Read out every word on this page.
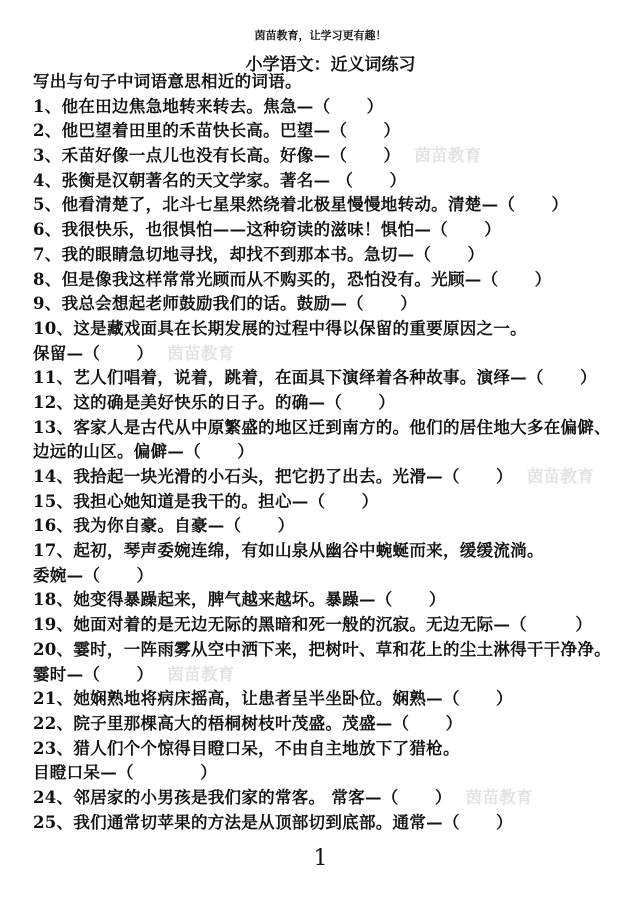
茵苗教育，让学习更有趣！
小学语文：近义词练习
写出与句子中词语意思相近的词语。
1、他在田边焦急地转来转去。焦急—（      ）
2、他巴望着田里的禾苗快长高。巴望—（      ）
3、禾苗好像一点儿也没有长高。好像—（      ） 茵苗教育
4、张衡是汉朝著名的天文学家。著名— （      ）
5、他看清楚了，北斗七星果然绕着北极星慢慢地转动。清楚—（      ）
6、我很快乐，也很惧怕——这种窃读的滋味！惧怕—（      ）
7、我的眼睛急切地寻找，却找不到那本书。急切—（      ）
8、但是像我这样常常光顾而从不购买的，恐怕没有。光顾—（      ）
9、我总会想起老师鼓励我们的话。鼓励—（      ）
10、这是藏戏面具在长期发展的过程中得以保留的重要原因之一。
保留—（      ） 茵苗教育
11、艺人们唱着，说着，跳着，在面具下演绎着各种故事。演绎—（      ）
12、这的确是美好快乐的日子。的确—（      ）
13、客家人是古代从中原繁盛的地区迁到南方的。他们的居住地大多在偏僻、
边远的山区。偏僻—（      ）
14、我拾起一块光滑的小石头，把它扔了出去。光滑—（      ） 茵苗教育
15、我担心她知道是我干的。担心—（      ）
16、我为你自豪。自豪—（      ）
17、起初，琴声委婉连绵，有如山泉从幽谷中蜿蜒而来，缓缓流淌。
委婉—（      ）
18、她变得暴躁起来，脾气越来越坏。暴躁—（      ）
19、她面对着的是无边无际的黑暗和死一般的沉寂。无边无际—（        ）
20、霎时，一阵雨雾从空中洒下来，把树叶、草和花上的尘土淋得干干净净。
霎时—（      ） 茵苗教育
21、她娴熟地将病床摇高，让患者呈半坐卧位。娴熟—（      ）
22、院子里那棵高大的梧桐树枝叶茂盛。茂盛—（      ）
23、猎人们个个惊得目瞪口呆，不由自主地放下了猎枪。
目瞪口呆—（           ）
24、邻居家的小男孩是我们家的常客。 常客—（      ） 茵苗教育
25、我们通常切苹果的方法是从顶部切到底部。通常—（      ）
1
